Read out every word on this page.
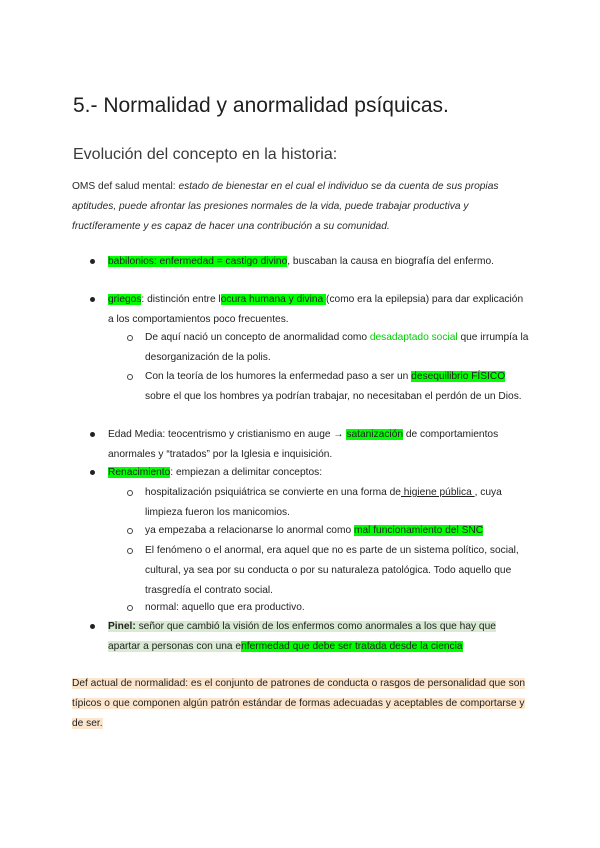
5.- Normalidad y anormalidad psíquicas.
Evolución del concepto en la historia:
OMS def salud mental: estado de bienestar en el cual el individuo se da cuenta de sus propias aptitudes, puede afrontar las presiones normales de la vida, puede trabajar productiva y fructíferamente y es capaz de hacer una contribución a su comunidad.
babilonios: enfermedad = castigo divino, buscaban la causa en biografía del enfermo.
griegos: distinción entre locura humana y divina (como era la epilepsia) para dar explicación a los comportamientos poco frecuentes.
De aquí nació un concepto de anormalidad como desadaptado social que irrumpía la desorganización de la polis.
Con la teoría de los humores la enfermedad paso a ser un desequilibrio FÍSICO sobre el que los hombres ya podrían trabajar, no necesitaban el perdón de un Dios.
Edad Media: teocentrismo y cristianismo en auge → satanización de comportamientos anormales y “tratados” por la Iglesia e inquisición.
Renacimiento: empiezan a delimitar conceptos:
hospitalización psiquiátrica se convierte en una forma de higiene pública , cuya limpieza fueron los manicomios.
ya empezaba a relacionarse lo anormal como mal funcionamiento del SNC
El fenómeno o el anormal, era aquel que no es parte de un sistema político, social, cultural, ya sea por su conducta o por su naturaleza patológica. Todo aquello que trasgredía el contrato social.
normal: aquello que era productivo.
Pinel: señor que cambió la visión de los enfermos como anormales a los que hay que apartar a personas con una enfermedad que debe ser tratada desde la ciencia
Def actual de normalidad: es el conjunto de patrones de conducta o rasgos de personalidad que son típicos o que componen algún patrón estándar de formas adecuadas y aceptables de comportarse y de ser.
